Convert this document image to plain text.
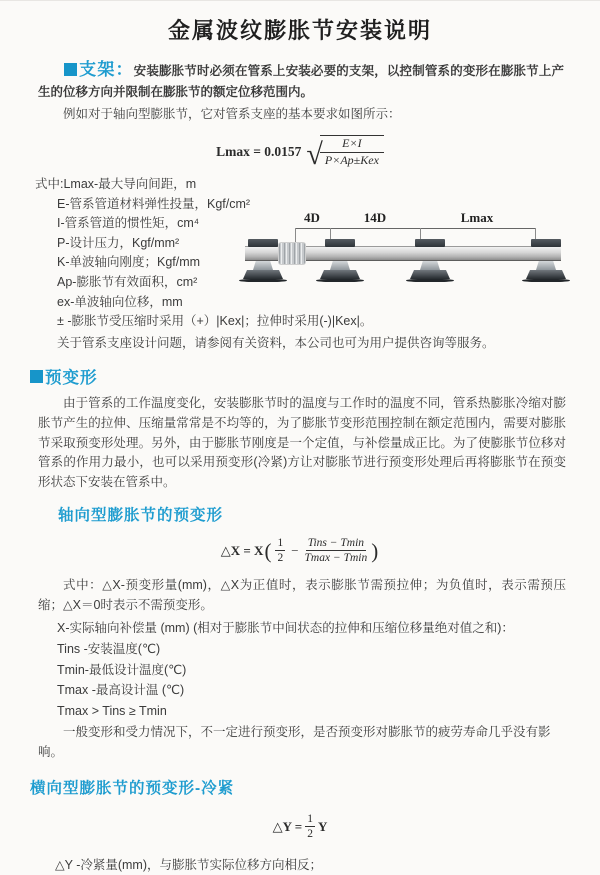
金属波纹膨胀节安装说明

支架：安装膨胀节时必须在管系上安装必要的支架，以控制管系的变形在膨胀节上产生的位移方向并限制在膨胀节的额定位移范围内。

例如对于轴向型膨胀节，它对管系支座的基本要求如图所示：

Lmax = 0.0157 √
$\frac{E\times I}{\text{P×Ap±Kex}}$
式中:Lmax-最大导向间距，m
E-管系管道材料弹性投量，Kgf/cm²
I-管系管道的惯性矩，cm⁴
P-设计压力，Kgf/mm²
K-单波轴向刚度；Kgf/mm
Ap-膨胀节有效面积，cm²
ex-单波轴向位移，mm
± -膨胀节受压缩时采用（+）|Kex|；拉伸时采用(-)|Kex|。
4D	14D	Lmax

关于管系支座设计问题，请参阅有关资料，本公司也可为用户提供咨询等服务。

预变形

由于管系的工作温度变化，安装膨胀节时的温度与工作时的温度不同，管系热膨胀冷缩对膨胀节产生的拉伸、压缩量常常是不均等的，为了膨胀节变形范围控制在额定范围内，需要对膨胀节采取预变形处理。另外，由于膨胀节刚度是一个定值，与补偿量成正比。为了使膨胀节位移对管系的作用力最小，也可以采用预变形(冷紧)方让对膨胀节进行预变形处理后再将膨胀节在预变形状态下安装在管系中。

轴向型膨胀节的预变形
△X = X ( $\frac{1}{2}$ − Tins − Tmin
Tmax − Tmin )

式中：△X-预变形量(mm)，△X为正值时，表示膨胀节需预拉伸；为负值时，表示需预压缩；△X＝0时表示不需预变形。

X-实际轴向补偿量 (mm) (相对于膨胀节中间状态的拉伸和压缩位移量绝对值之和)：
Tins -安装温度(℃)
Tmin-最低设计温度(℃)
Tmax -最高设计温 (℃)
Tmax > Tins ≥ Tmin

一般变形和受力情况下，不一定进行预变形，是否预变形对膨胀节的疲劳寿命几乎没有影响。

横向型膨胀节的预变形-冷紧
△Y = $\frac{1}{2}$ Y

△Y -冷紧量(mm)，与膨胀节实际位移方向相反；
